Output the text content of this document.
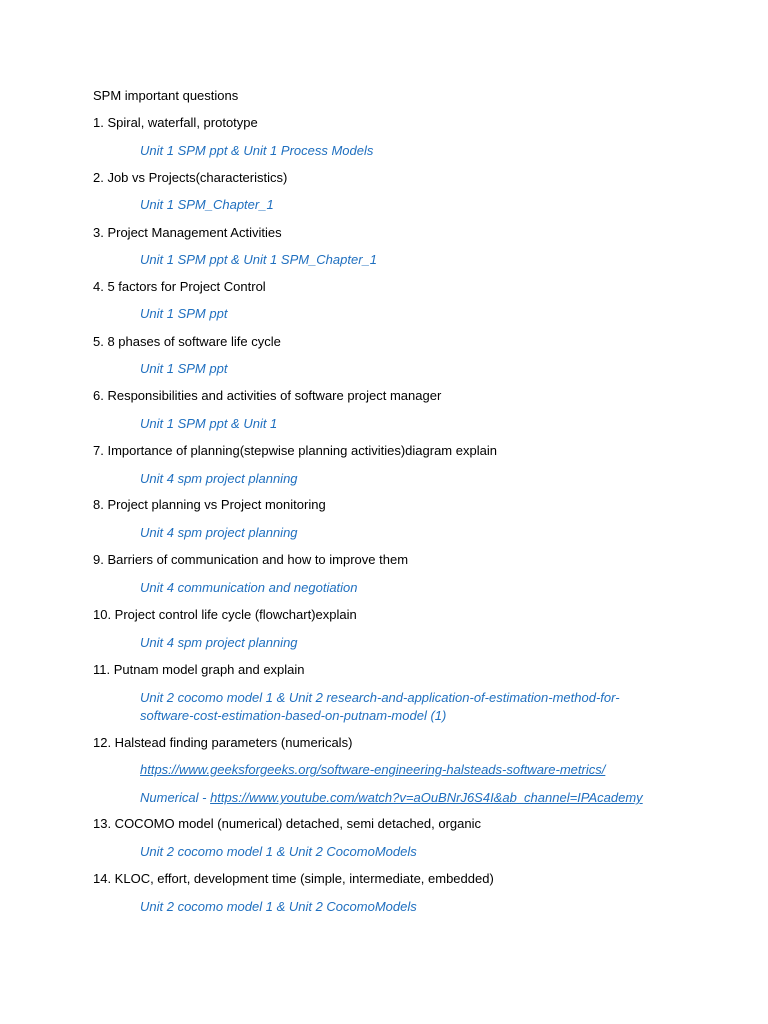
SPM important questions
1. Spiral, waterfall, prototype
Unit 1 SPM ppt & Unit 1 Process Models
2. Job vs Projects(characteristics)
Unit 1 SPM_Chapter_1
3. Project Management Activities
Unit 1 SPM ppt & Unit 1 SPM_Chapter_1
4. 5 factors for Project Control
Unit 1 SPM ppt
5. 8 phases of software life cycle
Unit 1 SPM ppt
6. Responsibilities and activities of software project manager
Unit 1 SPM ppt & Unit 1
7. Importance of planning(stepwise planning activities)diagram explain
Unit 4 spm project planning
8. Project planning vs Project monitoring
Unit 4 spm project planning
9. Barriers of communication and how to improve them
Unit 4 communication and negotiation
10. Project control life cycle (flowchart)explain
Unit 4 spm project planning
11. Putnam model graph and explain
Unit 2 cocomo model 1 & Unit 2 research-and-application-of-estimation-method-for-
software-cost-estimation-based-on-putnam-model (1)
12. Halstead finding parameters (numericals)
https://www.geeksforgeeks.org/software-engineering-halsteads-software-metrics/
Numerical - https://www.youtube.com/watch?v=aOuBNrJ6S4I&ab_channel=IPAcademy
13. COCOMO model (numerical) detached, semi detached, organic
Unit 2 cocomo model 1 & Unit 2 CocomoModels
14. KLOC, effort, development time (simple, intermediate, embedded)
Unit 2 cocomo model 1 & Unit 2 CocomoModels
